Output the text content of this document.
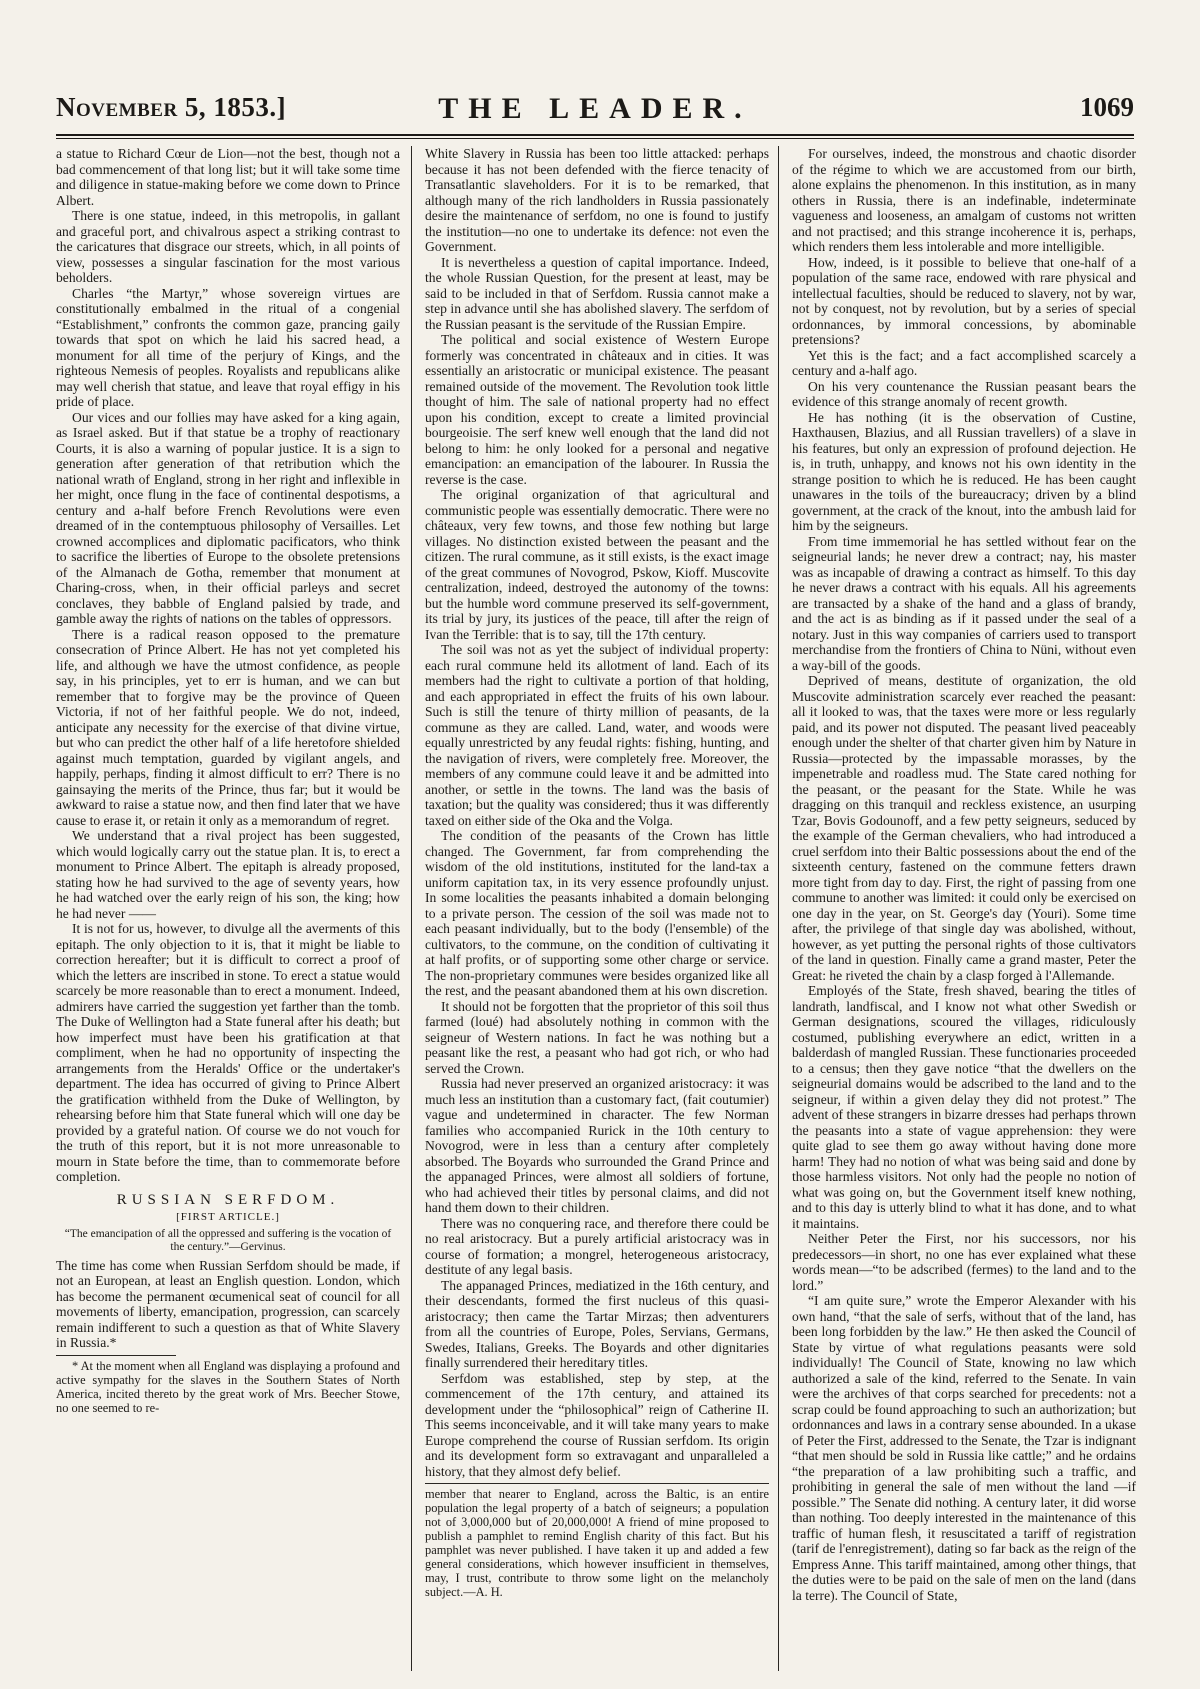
November 5, 1853.]	THE LEADER.	1069

a statue to Richard Cœur de Lion—not the best, though not a bad commencement of that long list; but it will take some time and diligence in statue-making before we come down to Prince Albert.

There is one statue, indeed, in this metropolis, in gallant and graceful port, and chivalrous aspect a striking contrast to the caricatures that disgrace our streets, which, in all points of view, possesses a singular fascination for the most various beholders.

Charles “the Martyr,” whose sovereign virtues are constitutionally embalmed in the ritual of a congenial “Establishment,” confronts the common gaze, prancing gaily towards that spot on which he laid his sacred head, a monument for all time of the perjury of Kings, and the righteous Nemesis of peoples. Royalists and republicans alike may well cherish that statue, and leave that royal effigy in his pride of place.

Our vices and our follies may have asked for a king again, as Israel asked. But if that statue be a trophy of reactionary Courts, it is also a warning of popular justice. It is a sign to generation after generation of that retribution which the national wrath of England, strong in her right and inflexible in her might, once flung in the face of continental despotisms, a century and a-half before French Revolutions were even dreamed of in the contemptuous philosophy of Versailles. Let crowned accomplices and diplomatic pacificators, who think to sacrifice the liberties of Europe to the obsolete pretensions of the Almanach de Gotha, remember that monument at Charing-cross, when, in their official parleys and secret conclaves, they babble of England palsied by trade, and gamble away the rights of nations on the tables of oppressors.

There is a radical reason opposed to the premature consecration of Prince Albert. He has not yet completed his life, and although we have the utmost confidence, as people say, in his principles, yet to err is human, and we can but remember that to forgive may be the province of Queen Victoria, if not of her faithful people. We do not, indeed, anticipate any necessity for the exercise of that divine virtue, but who can predict the other half of a life heretofore shielded against much temptation, guarded by vigilant angels, and happily, perhaps, finding it almost difficult to err? There is no gainsaying the merits of the Prince, thus far; but it would be awkward to raise a statue now, and then find later that we have cause to erase it, or retain it only as a memorandum of regret.

We understand that a rival project has been suggested, which would logically carry out the statue plan. It is, to erect a monument to Prince Albert. The epitaph is already proposed, stating how he had survived to the age of seventy years, how he had watched over the early reign of his son, the king; how he had never ——

It is not for us, however, to divulge all the averments of this epitaph. The only objection to it is, that it might be liable to correction hereafter; but it is difficult to correct a proof of which the letters are inscribed in stone. To erect a statue would scarcely be more reasonable than to erect a monument. Indeed, admirers have carried the suggestion yet farther than the tomb. The Duke of Wellington had a State funeral after his death; but how imperfect must have been his gratification at that compliment, when he had no opportunity of inspecting the arrangements from the Heralds' Office or the undertaker's department. The idea has occurred of giving to Prince Albert the gratification withheld from the Duke of Wellington, by rehearsing before him that State funeral which will one day be provided by a grateful nation. Of course we do not vouch for the truth of this report, but it is not more unreasonable to mourn in State before the time, than to commemorate before completion.

RUSSIAN SERFDOM.
[FIRST ARTICLE.]
“The emancipation of all the oppressed and suffering is the vocation of the century.”—Gervinus.

The time has come when Russian Serfdom should be made, if not an European, at least an English question. London, which has become the permanent œcumenical seat of council for all movements of liberty, emancipation, progression, can scarcely remain indifferent to such a question as that of White Slavery in Russia.*

* At the moment when all England was displaying a profound and active sympathy for the slaves in the Southern States of North America, incited thereto by the great work of Mrs. Beecher Stowe, no one seemed to re-

White Slavery in Russia has been too little attacked: perhaps because it has not been defended with the fierce tenacity of Transatlantic slaveholders. For it is to be remarked, that although many of the rich landholders in Russia passionately desire the maintenance of serfdom, no one is found to justify the institution—no one to undertake its defence: not even the Government.

It is nevertheless a question of capital importance. Indeed, the whole Russian Question, for the present at least, may be said to be included in that of Serfdom. Russia cannot make a step in advance until she has abolished slavery. The serfdom of the Russian peasant is the servitude of the Russian Empire.

The political and social existence of Western Europe formerly was concentrated in châteaux and in cities. It was essentially an aristocratic or municipal existence. The peasant remained outside of the movement. The Revolution took little thought of him. The sale of national property had no effect upon his condition, except to create a limited provincial bourgeoisie. The serf knew well enough that the land did not belong to him: he only looked for a personal and negative emancipation: an emancipation of the labourer. In Russia the reverse is the case.

The original organization of that agricultural and communistic people was essentially democratic. There were no châteaux, very few towns, and those few nothing but large villages. No distinction existed between the peasant and the citizen. The rural commune, as it still exists, is the exact image of the great communes of Novogrod, Pskow, Kioff. Muscovite centralization, indeed, destroyed the autonomy of the towns: but the humble word commune preserved its self-government, its trial by jury, its justices of the peace, till after the reign of Ivan the Terrible: that is to say, till the 17th century.

The soil was not as yet the subject of individual property: each rural commune held its allotment of land. Each of its members had the right to cultivate a portion of that holding, and each appropriated in effect the fruits of his own labour. Such is still the tenure of thirty million of peasants, de la commune as they are called. Land, water, and woods were equally unrestricted by any feudal rights: fishing, hunting, and the navigation of rivers, were completely free. Moreover, the members of any commune could leave it and be admitted into another, or settle in the towns. The land was the basis of taxation; but the quality was considered; thus it was differently taxed on either side of the Oka and the Volga.

The condition of the peasants of the Crown has little changed. The Government, far from comprehending the wisdom of the old institutions, instituted for the land-tax a uniform capitation tax, in its very essence profoundly unjust. In some localities the peasants inhabited a domain belonging to a private person. The cession of the soil was made not to each peasant individually, but to the body (l'ensemble) of the cultivators, to the commune, on the condition of cultivating it at half profits, or of supporting some other charge or service. The non-proprietary communes were besides organized like all the rest, and the peasant abandoned them at his own discretion.

It should not be forgotten that the proprietor of this soil thus farmed (loué) had absolutely nothing in common with the seigneur of Western nations. In fact he was nothing but a peasant like the rest, a peasant who had got rich, or who had served the Crown.

Russia had never preserved an organized aristocracy: it was much less an institution than a customary fact, (fait coutumier) vague and undetermined in character. The few Norman families who accompanied Rurick in the 10th century to Novogrod, were in less than a century after completely absorbed. The Boyards who surrounded the Grand Prince and the appanaged Princes, were almost all soldiers of fortune, who had achieved their titles by personal claims, and did not hand them down to their children.

There was no conquering race, and therefore there could be no real aristocracy. But a purely artificial aristocracy was in course of formation; a mongrel, heterogeneous aristocracy, destitute of any legal basis.

The appanaged Princes, mediatized in the 16th century, and their descendants, formed the first nucleus of this quasi-aristocracy; then came the Tartar Mirzas; then adventurers from all the countries of Europe, Poles, Servians, Germans, Swedes, Italians, Greeks. The Boyards and other dignitaries finally surrendered their hereditary titles.

Serfdom was established, step by step, at the commencement of the 17th century, and attained its development under the “philosophical” reign of Catherine II. This seems inconceivable, and it will take many years to make Europe comprehend the course of Russian serfdom. Its origin and its development form so extravagant and unparalleled a history, that they almost defy belief.

member that nearer to England, across the Baltic, is an entire population the legal property of a batch of seigneurs; a population not of 3,000,000 but of 20,000,000! A friend of mine proposed to publish a pamphlet to remind English charity of this fact. But his pamphlet was never published. I have taken it up and added a few general considerations, which however insufficient in themselves, may, I trust, contribute to throw some light on the melancholy subject.—A. H.

For ourselves, indeed, the monstrous and chaotic disorder of the régime to which we are accustomed from our birth, alone explains the phenomenon. In this institution, as in many others in Russia, there is an indefinable, indeterminate vagueness and looseness, an amalgam of customs not written and not practised; and this strange incoherence it is, perhaps, which renders them less intolerable and more intelligible.

How, indeed, is it possible to believe that one-half of a population of the same race, endowed with rare physical and intellectual faculties, should be reduced to slavery, not by war, not by conquest, not by revolution, but by a series of special ordonnances, by immoral concessions, by abominable pretensions?

Yet this is the fact; and a fact accomplished scarcely a century and a-half ago.

On his very countenance the Russian peasant bears the evidence of this strange anomaly of recent growth.

He has nothing (it is the observation of Custine, Haxthausen, Blazius, and all Russian travellers) of a slave in his features, but only an expression of profound dejection. He is, in truth, unhappy, and knows not his own identity in the strange position to which he is reduced. He has been caught unawares in the toils of the bureaucracy; driven by a blind government, at the crack of the knout, into the ambush laid for him by the seigneurs.

From time immemorial he has settled without fear on the seigneurial lands; he never drew a contract; nay, his master was as incapable of drawing a contract as himself. To this day he never draws a contract with his equals. All his agreements are transacted by a shake of the hand and a glass of brandy, and the act is as binding as if it passed under the seal of a notary. Just in this way companies of carriers used to transport merchandise from the frontiers of China to Nüni, without even a way-bill of the goods.

Deprived of means, destitute of organization, the old Muscovite administration scarcely ever reached the peasant: all it looked to was, that the taxes were more or less regularly paid, and its power not disputed. The peasant lived peaceably enough under the shelter of that charter given him by Nature in Russia—protected by the impassable morasses, by the impenetrable and roadless mud. The State cared nothing for the peasant, or the peasant for the State. While he was dragging on this tranquil and reckless existence, an usurping Tzar, Bovis Godounoff, and a few petty seigneurs, seduced by the example of the German chevaliers, who had introduced a cruel serfdom into their Baltic possessions about the end of the sixteenth century, fastened on the commune fetters drawn more tight from day to day. First, the right of passing from one commune to another was limited: it could only be exercised on one day in the year, on St. George's day (Youri). Some time after, the privilege of that single day was abolished, without, however, as yet putting the personal rights of those cultivators of the land in question. Finally came a grand master, Peter the Great: he riveted the chain by a clasp forged à l'Allemande.

Employés of the State, fresh shaved, bearing the titles of landrath, landfiscal, and I know not what other Swedish or German designations, scoured the villages, ridiculously costumed, publishing everywhere an edict, written in a balderdash of mangled Russian. These functionaries proceeded to a census; then they gave notice “that the dwellers on the seigneurial domains would be adscribed to the land and to the seigneur, if within a given delay they did not protest.” The advent of these strangers in bizarre dresses had perhaps thrown the peasants into a state of vague apprehension: they were quite glad to see them go away without having done more harm! They had no notion of what was being said and done by those harmless visitors. Not only had the people no notion of what was going on, but the Government itself knew nothing, and to this day is utterly blind to what it has done, and to what it maintains.

Neither Peter the First, nor his successors, nor his predecessors—in short, no one has ever explained what these words mean—“to be adscribed (fermes) to the land and to the lord.”

“I am quite sure,” wrote the Emperor Alexander with his own hand, “that the sale of serfs, without that of the land, has been long forbidden by the law.” He then asked the Council of State by virtue of what regulations peasants were sold individually! The Council of State, knowing no law which authorized a sale of the kind, referred to the Senate. In vain were the archives of that corps searched for precedents: not a scrap could be found approaching to such an authorization; but ordonnances and laws in a contrary sense abounded. In a ukase of Peter the First, addressed to the Senate, the Tzar is indignant “that men should be sold in Russia like cattle;” and he ordains “the preparation of a law prohibiting such a traffic, and prohibiting in general the sale of men without the land —if possible.” The Senate did nothing. A century later, it did worse than nothing. Too deeply interested in the maintenance of this traffic of human flesh, it resuscitated a tariff of registration (tarif de l'enregistrement), dating so far back as the reign of the Empress Anne. This tariff maintained, among other things, that the duties were to be paid on the sale of men on the land (dans la terre). The Council of State,
